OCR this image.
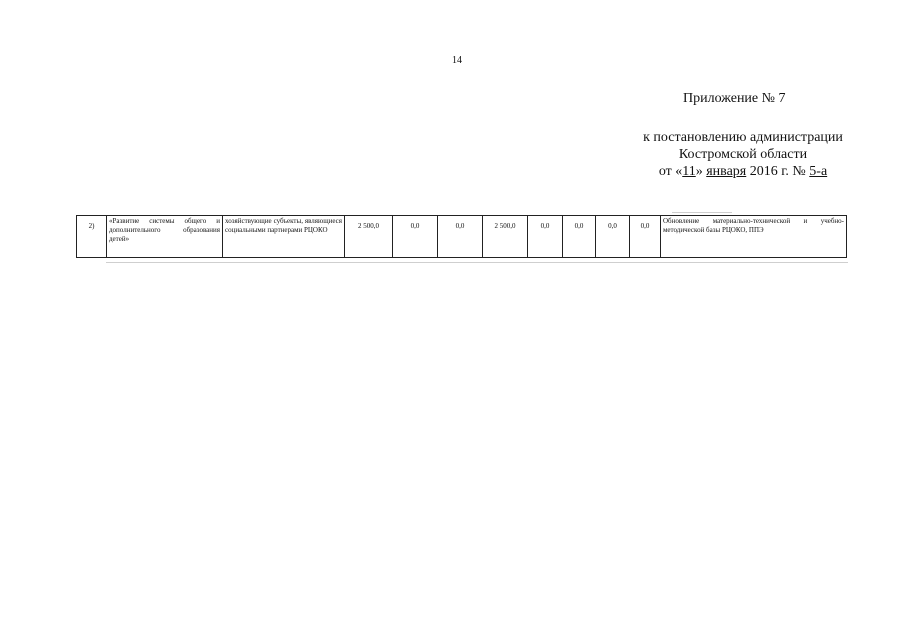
14
Приложение № 7
к постановлению администрации
Костромской области
от «11» января 2016 г. № 5-а
2)	«Развитие системы общего и дополнительного образования детей»	хозяйствующие субъекты, являющиеся социальными партнерами РЦОКО	2 500,0	0,0	0,0	2 500,0	0,0	0,0	0,0	0,0	Обновление материально-технической и учебно-методической базы РЦОКО, ППЭ
